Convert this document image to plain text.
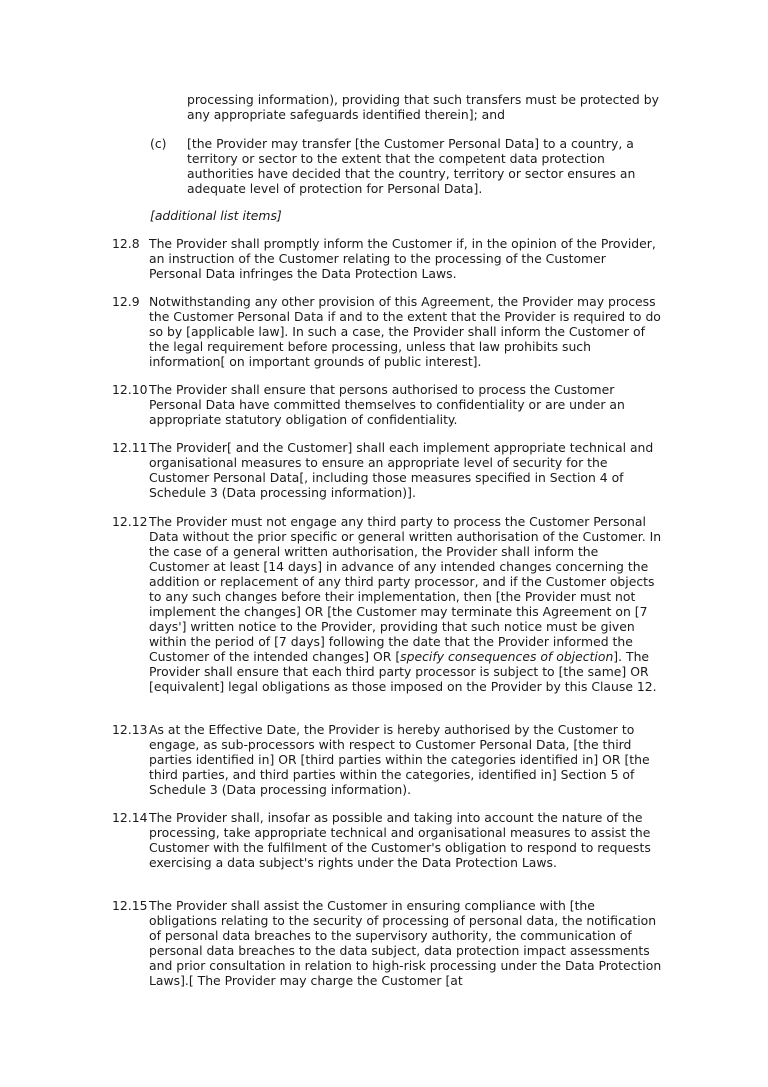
processing information), providing that such transfers must be protected by any appropriate safeguards identified therein]; and

(c) [the Provider may transfer [the Customer Personal Data] to a country, a territory or sector to the extent that the competent data protection authorities have decided that the country, territory or sector ensures an adequate level of protection for Personal Data].
[additional list items]
12.8 The Provider shall promptly inform the Customer if, in the opinion of the Provider, an instruction of the Customer relating to the processing of the Customer Personal Data infringes the Data Protection Laws.
12.9 Notwithstanding any other provision of this Agreement, the Provider may process the Customer Personal Data if and to the extent that the Provider is required to do so by [applicable law]. In such a case, the Provider shall inform the Customer of the legal requirement before processing, unless that law prohibits such information[ on important grounds of public interest].
12.10 The Provider shall ensure that persons authorised to process the Customer Personal Data have committed themselves to confidentiality or are under an appropriate statutory obligation of confidentiality.
12.11 The Provider[ and the Customer] shall each implement appropriate technical and organisational measures to ensure an appropriate level of security for the Customer Personal Data[, including those measures specified in Section 4 of Schedule 3 (Data processing information)].
12.12 The Provider must not engage any third party to process the Customer Personal Data without the prior specific or general written authorisation of the Customer. In the case of a general written authorisation, the Provider shall inform the Customer at least [14 days] in advance of any intended changes concerning the addition or replacement of any third party processor, and if the Customer objects to any such changes before their implementation, then [the Provider must not implement the changes] OR [the Customer may terminate this Agreement on [7 days'] written notice to the Provider, providing that such notice must be given within the period of [7 days] following the date that the Provider informed the Customer of the intended changes] OR [specify consequences of objection]. The Provider shall ensure that each third party processor is subject to [the same] OR [equivalent] legal obligations as those imposed on the Provider by this Clause 12.
12.13 As at the Effective Date, the Provider is hereby authorised by the Customer to engage, as sub-processors with respect to Customer Personal Data, [the third parties identified in] OR [third parties within the categories identified in] OR [the third parties, and third parties within the categories, identified in] Section 5 of Schedule 3 (Data processing information).
12.14 The Provider shall, insofar as possible and taking into account the nature of the processing, take appropriate technical and organisational measures to assist the Customer with the fulfilment of the Customer's obligation to respond to requests exercising a data subject's rights under the Data Protection Laws.
12.15 The Provider shall assist the Customer in ensuring compliance with [the obligations relating to the security of processing of personal data, the notification of personal data breaches to the supervisory authority, the communication of personal data breaches to the data subject, data protection impact assessments and prior consultation in relation to high-risk processing under the Data Protection Laws].[ The Provider may charge the Customer [at
